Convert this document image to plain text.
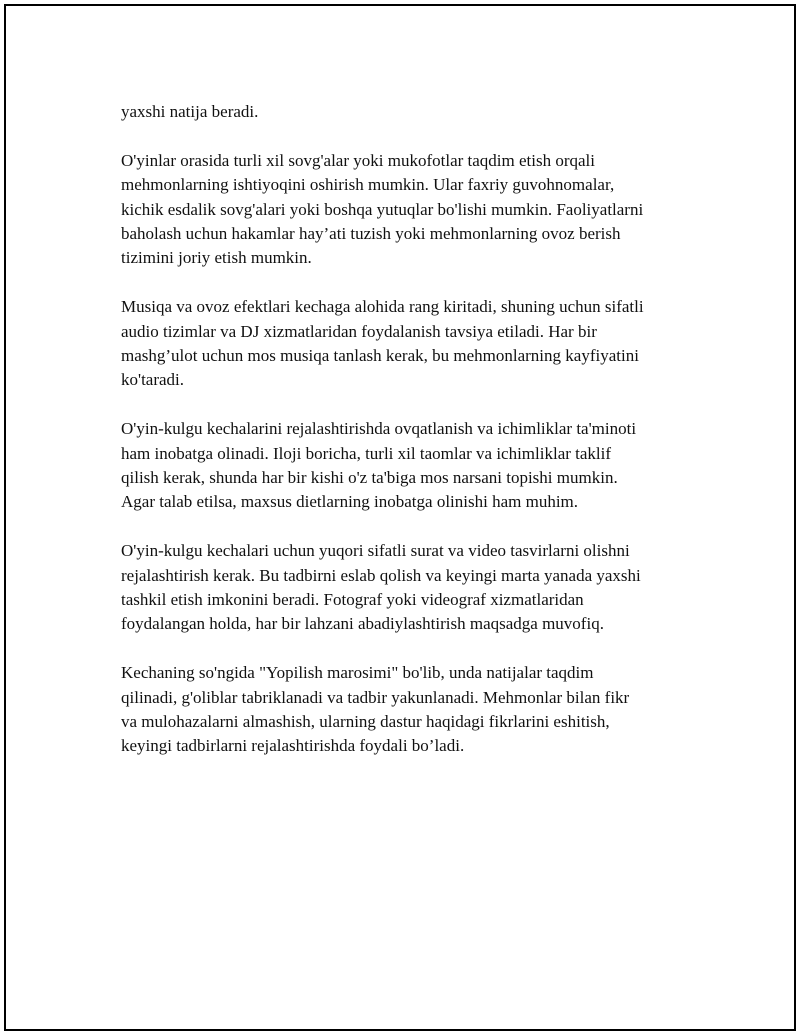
yaxshi natija beradi.

O'yinlar orasida turli xil sovg'alar yoki mukofotlar taqdim etish orqali
mehmonlarning ishtiyoqini oshirish mumkin. Ular faxriy guvohnomalar,
kichik esdalik sovg'alari yoki boshqa yutuqlar bo'lishi mumkin. Faoliyatlarni
baholash uchun hakamlar hay’ati tuzish yoki mehmonlarning ovoz berish
tizimini joriy etish mumkin.

Musiqa va ovoz efektlari kechaga alohida rang kiritadi, shuning uchun sifatli
audio tizimlar va DJ xizmatlaridan foydalanish tavsiya etiladi. Har bir
mashg’ulot uchun mos musiqa tanlash kerak, bu mehmonlarning kayfiyatini
ko'taradi.

O'yin-kulgu kechalarini rejalashtirishda ovqatlanish va ichimliklar ta'minoti
ham inobatga olinadi. Iloji boricha, turli xil taomlar va ichimliklar taklif
qilish kerak, shunda har bir kishi o'z ta'biga mos narsani topishi mumkin.
Agar talab etilsa, maxsus dietlarning inobatga olinishi ham muhim.

O'yin-kulgu kechalari uchun yuqori sifatli surat va video tasvirlarni olishni
rejalashtirish kerak. Bu tadbirni eslab qolish va keyingi marta yanada yaxshi
tashkil etish imkonini beradi. Fotograf yoki videograf xizmatlaridan
foydalangan holda, har bir lahzani abadiylashtirish maqsadga muvofiq.

Kechaning so'ngida "Yopilish marosimi" bo'lib, unda natijalar taqdim
qilinadi, g'oliblar tabriklanadi va tadbir yakunlanadi. Mehmonlar bilan fikr
va mulohazalarni almashish, ularning dastur haqidagi fikrlarini eshitish,
keyingi tadbirlarni rejalashtirishda foydali bo’ladi.
